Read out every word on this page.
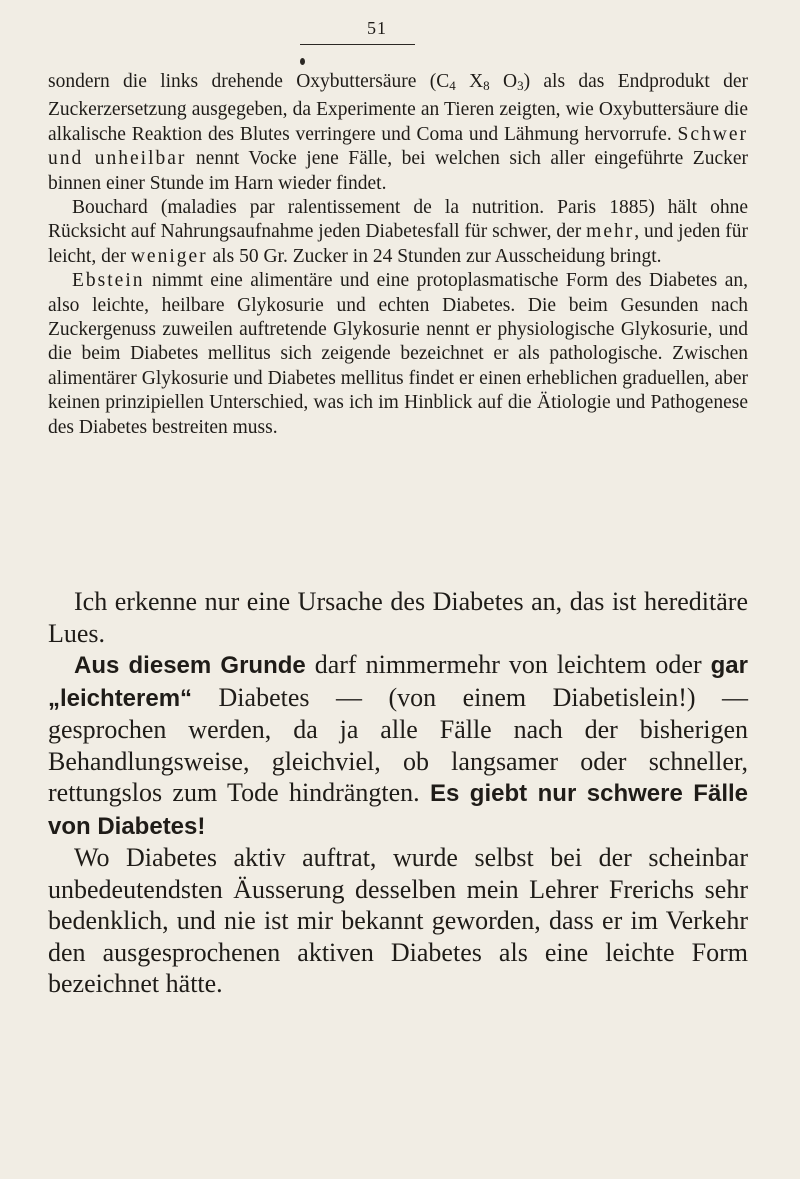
51

sondern die links drehende Oxybuttersäure ($C_4$ $X_8$ $O_3$) als das Endprodukt der Zuckerzersetzung ausgegeben, da Experimente an Tieren zeigten, wie Oxybuttersäure die alkalische Reaktion des Blutes verringere und Coma und Lähmung hervorrufe. Schwer und unheilbar nennt Vocke jene Fälle, bei welchen sich aller eingeführte Zucker binnen einer Stunde im Harn wieder findet.

Bouchard (maladies par ralentissement de la nutrition. Paris 1885) hält ohne Rücksicht auf Nahrungsaufnahme jeden Diabetesfall für schwer, der mehr, und jeden für leicht, der weniger als 50 Gr. Zucker in 24 Stunden zur Ausscheidung bringt.

Ebstein nimmt eine alimentäre und eine protoplasmatische Form des Diabetes an, also leichte, heilbare Glykosurie und echten Diabetes. Die beim Gesunden nach Zuckergenuss zuweilen auftretende Glykosurie nennt er physiologische Glykosurie, und die beim Diabetes mellitus sich zeigende bezeichnet er als pathologische. Zwischen alimentärer Glykosurie und Diabetes mellitus findet er einen erheblichen graduellen, aber keinen prinzipiellen Unterschied, was ich im Hinblick auf die Ätiologie und Pathogenese des Diabetes bestreiten muss.

Ich erkenne nur eine Ursache des Diabetes an, das ist hereditäre Lues.

Aus diesem Grunde darf nimmermehr von leichtem oder gar „leichterem“ Diabetes — (von einem Diabetislein!) — gesprochen werden, da ja alle Fälle nach der bisherigen Behandlungsweise, gleichviel, ob langsamer oder schneller, rettungslos zum Tode hindrängten. Es giebt nur schwere Fälle von Diabetes!

Wo Diabetes aktiv auftrat, wurde selbst bei der scheinbar unbedeutendsten Äusserung desselben mein Lehrer Frerichs sehr bedenklich, und nie ist mir bekannt geworden, dass er im Verkehr den ausgesprochenen aktiven Diabetes als eine leichte Form bezeichnet hätte.
